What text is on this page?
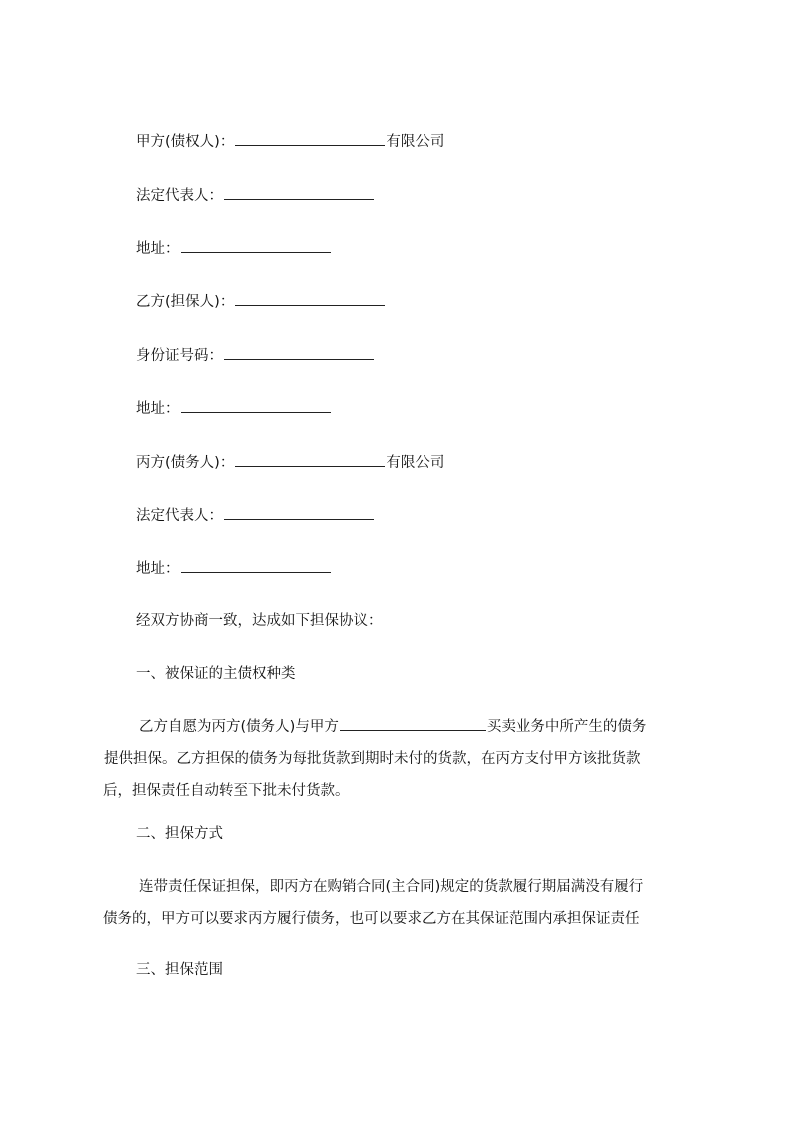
甲方(债权人)：	有限公司
法定代表人：
地址：
乙方(担保人)：
身份证号码：
地址：
丙方(债务人)：	有限公司
法定代表人：
地址：
经双方协商一致，达成如下担保协议：
一、被保证的主债权种类
乙方自愿为丙方(债务人)与甲方	买卖业务中所产生的债务
提供担保。乙方担保的债务为每批货款到期时未付的货款，在丙方支付甲方该批货款
后，担保责任自动转至下批未付货款。
二、担保方式
连带责任保证担保，即丙方在购销合同(主合同)规定的货款履行期届满没有履行
债务的，甲方可以要求丙方履行债务，也可以要求乙方在其保证范围内承担保证责任
三、担保范围
